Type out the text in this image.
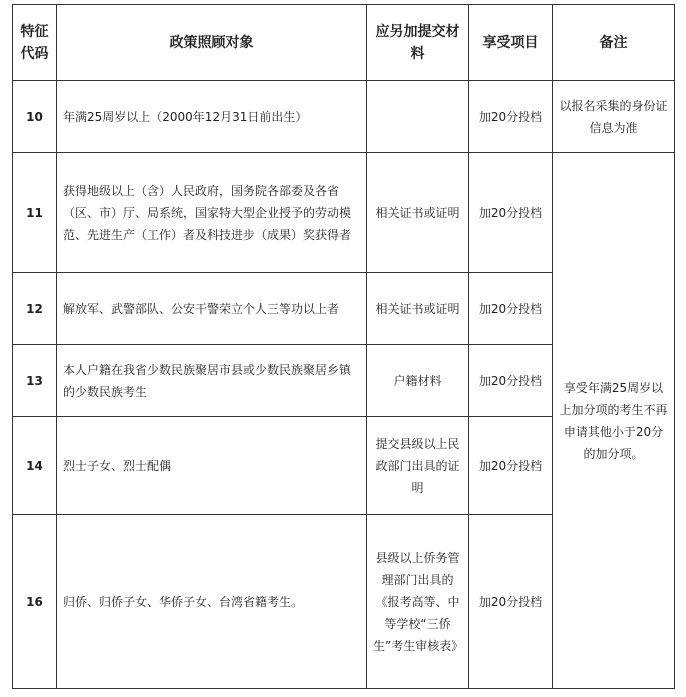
特征代码	政策照顾对象	应另加提交材料	享受项目	备注
10	年满25周岁以上（2000年12月31日前出生）		加20分投档	以报名采集的身份证信息为准
11	获得地级以上（含）人民政府，国务院各部委及各省（区、市）厅、局系统，国家特大型企业授予的劳动模范、先进生产（工作）者及科技进步（成果）奖获得者	相关证书或证明	加20分投档	享受年满25周岁以上加分项的考生不再申请其他小于20分的加分项。
12	解放军、武警部队、公安干警荣立个人三等功以上者	相关证书或证明	加20分投档	
13	本人户籍在我省少数民族聚居市县或少数民族聚居乡镇的少数民族考生	户籍材料	加20分投档	
14	烈士子女、烈士配偶	提交县级以上民政部门出具的证明	加20分投档	
16	归侨、归侨子女、华侨子女、台湾省籍考生。	县级以上侨务管理部门出具的《报考高等、中等学校“三侨生”考生审核表》	加20分投档	
